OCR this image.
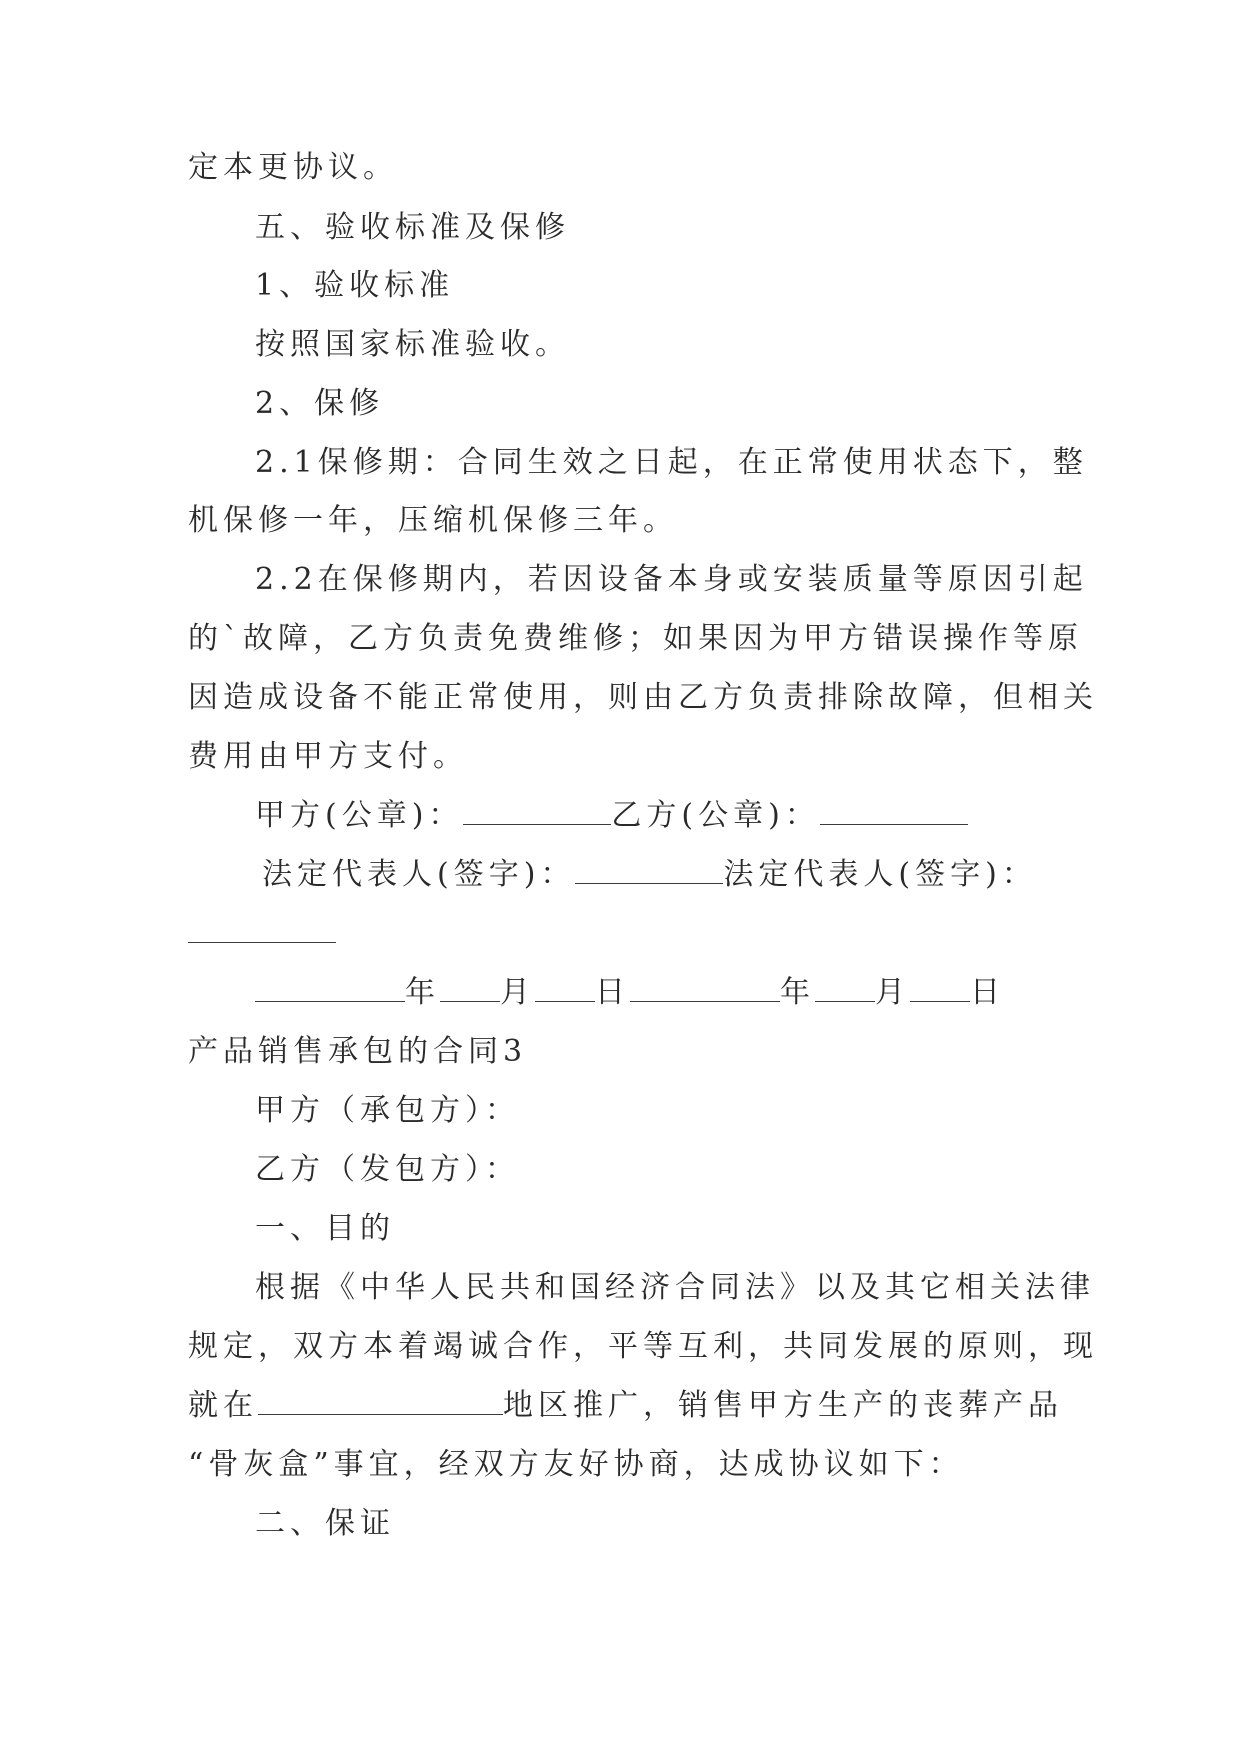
定本更协议。
五、验收标准及保修
1、验收标准
按照国家标准验收。
2、保修
2.1保修期：合同生效之日起，在正常使用状态下，整
机保修一年，压缩机保修三年。
2.2在保修期内，若因设备本身或安装质量等原因引起
的`故障，乙方负责免费维修；如果因为甲方错误操作等原
因造成设备不能正常使用，则由乙方负责排除故障，但相关
费用由甲方支付。
甲方(公章)：	乙方(公章)：
法定代表人(签字)：	法定代表人(签字)：
年 月 日	年 月 日
产品销售承包的合同3
甲方（承包方）：
乙方（发包方）：
一、目的
根据《中华人民共和国经济合同法》以及其它相关法律
规定，双方本着竭诚合作，平等互利，共同发展的原则，现
就在	地区推广，销售甲方生产的丧葬产品
“骨灰盒”事宜，经双方友好协商，达成协议如下：
二、保证
